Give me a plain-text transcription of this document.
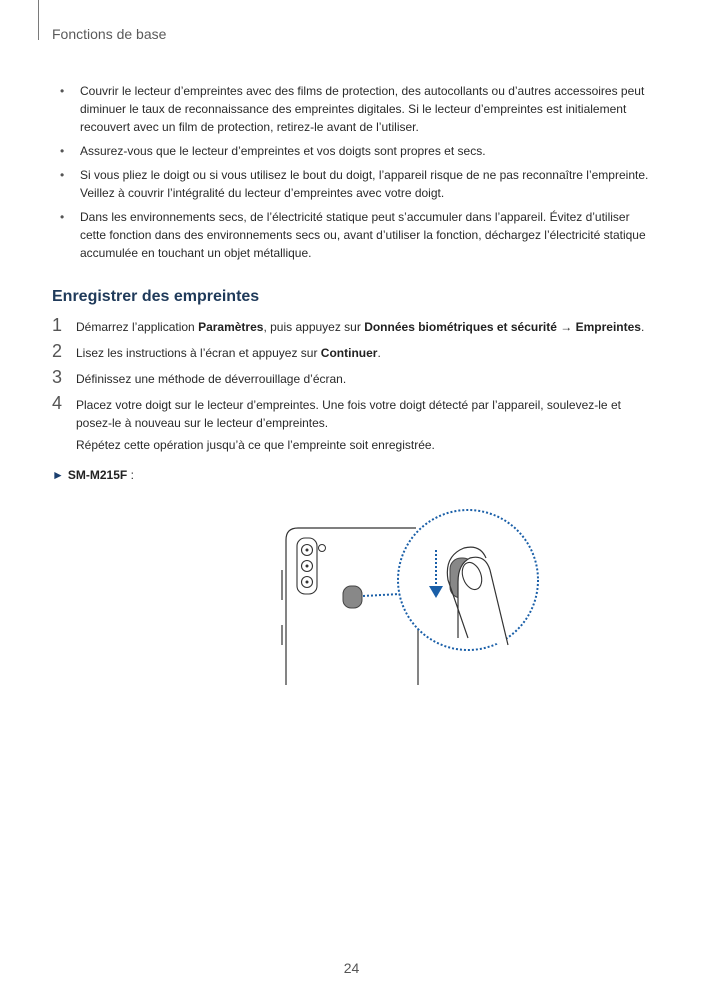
Fonctions de base
• Couvrir le lecteur d’empreintes avec des films de protection, des autocollants ou d’autres accessoires peut diminuer le taux de reconnaissance des empreintes digitales. Si le lecteur d’empreintes est initialement recouvert avec un film de protection, retirez-le avant de l’utiliser.
• Assurez-vous que le lecteur d’empreintes et vos doigts sont propres et secs.
• Si vous pliez le doigt ou si vous utilisez le bout du doigt, l’appareil risque de ne pas reconnaître l’empreinte. Veillez à couvrir l’intégralité du lecteur d’empreintes avec votre doigt.
• Dans les environnements secs, de l’électricité statique peut s’accumuler dans l’appareil. Évitez d’utiliser cette fonction dans des environnements secs ou, avant d’utiliser la fonction, déchargez l’électricité statique accumulée en touchant un objet métallique.
Enregistrer des empreintes
1 Démarrez l’application Paramètres, puis appuyez sur Données biométriques et sécurité → Empreintes.
2 Lisez les instructions à l’écran et appuyez sur Continuer.
3 Définissez une méthode de déverrouillage d’écran.
4 Placez votre doigt sur le lecteur d’empreintes. Une fois votre doigt détecté par l’appareil, soulevez-le et posez-le à nouveau sur le lecteur d’empreintes.
Répétez cette opération jusqu’à ce que l’empreinte soit enregistrée.
► SM-M215F :
24
